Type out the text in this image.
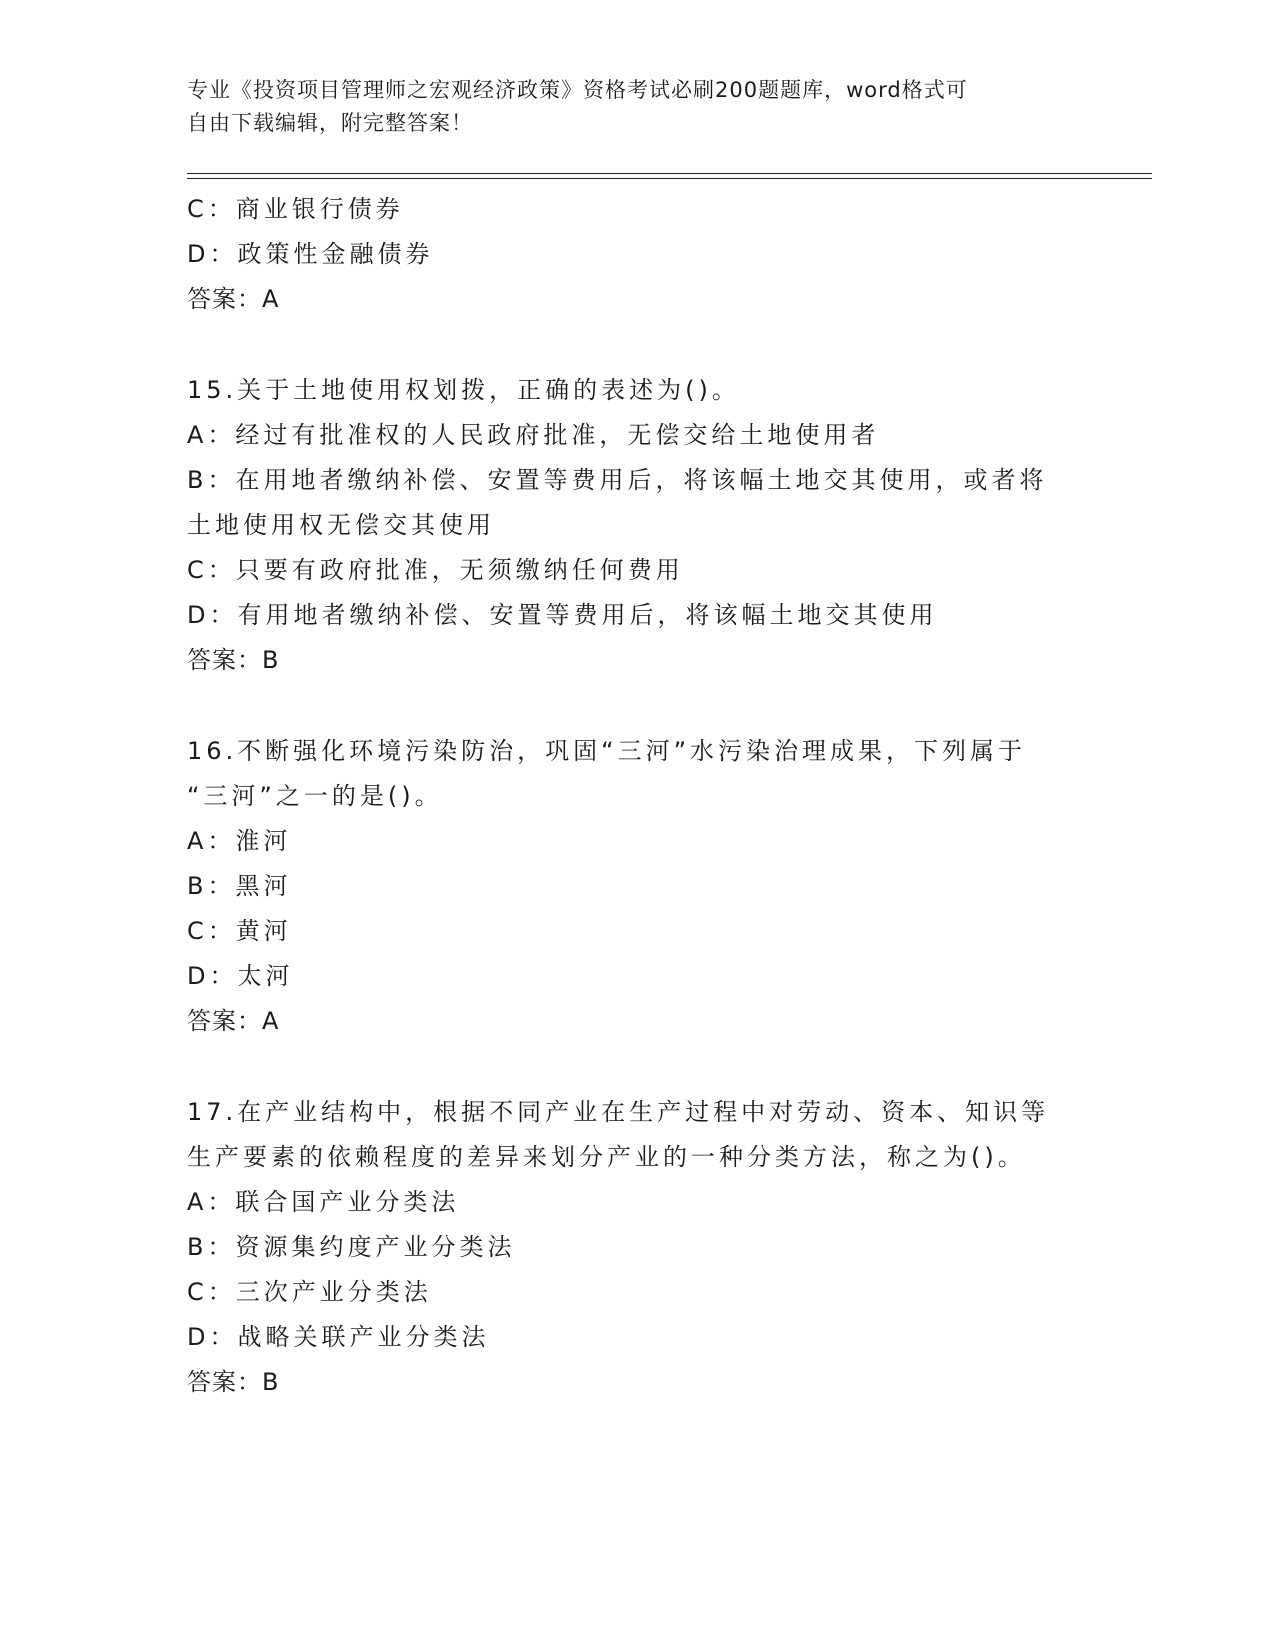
专业《投资项目管理师之宏观经济政策》资格考试必刷200题题库，word格式可
自由下载编辑，附完整答案！
C：商业银行债券
D：政策性金融债券
答案：A
15.关于土地使用权划拨，正确的表述为()。
A：经过有批准权的人民政府批准，无偿交给土地使用者
B：在用地者缴纳补偿、安置等费用后，将该幅土地交其使用，或者将
土地使用权无偿交其使用
C：只要有政府批准，无须缴纳任何费用
D：有用地者缴纳补偿、安置等费用后，将该幅土地交其使用
答案：B
16.不断强化环境污染防治，巩固“三河”水污染治理成果，下列属于
“三河”之一的是()。
A：淮河
B：黑河
C：黄河
D：太河
答案：A
17.在产业结构中，根据不同产业在生产过程中对劳动、资本、知识等
生产要素的依赖程度的差异来划分产业的一种分类方法，称之为()。
A：联合国产业分类法
B：资源集约度产业分类法
C：三次产业分类法
D：战略关联产业分类法
答案：B
